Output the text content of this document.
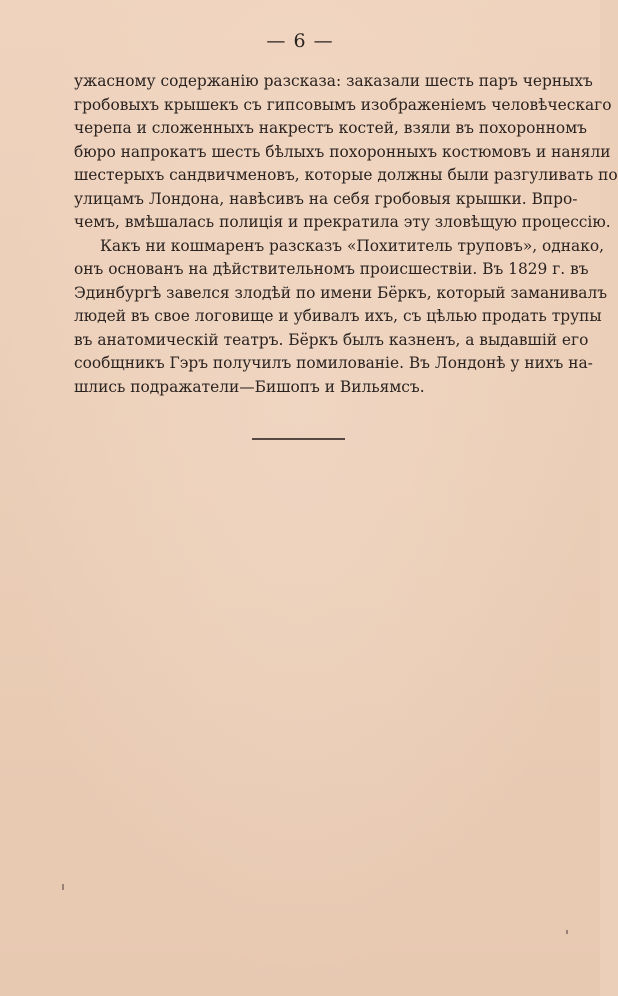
— 6 —
ужасному содержанію разсказа: заказали шесть паръ черныхъ
гробовыхъ крышекъ съ гипсовымъ изображеніемъ человѣческаго
черепа и сложенныхъ накрестъ костей, взяли въ похоронномъ
бюро напрокатъ шесть бѣлыхъ похоронныхъ костюмовъ и наняли
шестерыхъ сандвичменовъ, которые должны были разгуливать по
улицамъ Лондона, навѣсивъ на себя гробовыя крышки. Впро-
чемъ, вмѣшалась полиція и прекратила эту зловѣщую процессію.
Какъ ни кошмаренъ разсказъ «Похититель труповъ», однако,
онъ основанъ на дѣйствительномъ происшествіи. Въ 1829 г. въ
Эдинбургѣ завелся злодѣй по имени Бёркъ, который заманивалъ
людей въ свое логовище и убивалъ ихъ, съ цѣлью продать трупы
въ анатомическій театръ. Бёркъ былъ казненъ, а выдавшій его
сообщникъ Гэръ получилъ помилованіе. Въ Лондонѣ у нихъ на-
шлись подражатели—Бишопъ и Вильямсъ.
